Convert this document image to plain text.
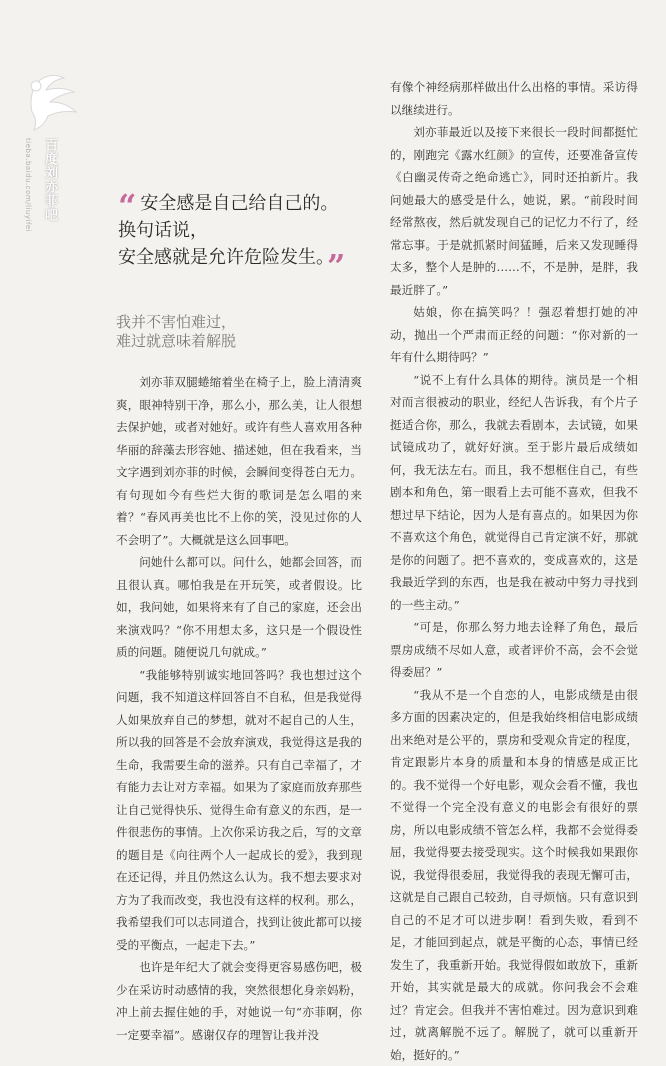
百度刘亦菲吧
tieba.baidu.com/liuyifei	“ 安全感是自己给自己的。
换句话说，
安全感就是允许危险发生。”
我并不害怕难过，
难过就意味着解脱

刘亦菲双腿蜷缩着坐在椅子上，脸上清清爽爽，眼神特别干净，那么小，那么美，让人很想去保护她，或者对她好。或许有些人喜欢用各种华丽的辞藻去形容她、描述她，但在我看来，当文字遇到刘亦菲的时候，会瞬间变得苍白无力。有句现如今有些烂大街的歌词是怎么唱的来着？“春风再美也比不上你的笑，没见过你的人不会明了”。大概就是这么回事吧。

问她什么都可以。问什么，她都会回答，而且很认真。哪怕我是在开玩笑，或者假设。比如，我问她，如果将来有了自己的家庭，还会出来演戏吗？“你不用想太多，这只是一个假设性质的问题。随便说几句就成。”

“我能够特别诚实地回答吗？我也想过这个问题，我不知道这样回答自不自私，但是我觉得人如果放弃自己的梦想，就对不起自己的人生，所以我的回答是不会放弃演戏，我觉得这是我的生命，我需要生命的滋养。只有自己幸福了，才有能力去让对方幸福。如果为了家庭而放弃那些让自己觉得快乐、觉得生命有意义的东西，是一件很悲伤的事情。上次你采访我之后，写的文章的题目是《向往两个人一起成长的爱》，我到现在还记得，并且仍然这么认为。我不想去要求对方为了我而改变，我也没有这样的权利。那么，我希望我们可以志同道合，找到让彼此都可以接受的平衡点，一起走下去。”

也许是年纪大了就会变得更容易感伤吧，极少在采访时动感情的我，突然很想化身亲妈粉，冲上前去握住她的手，对她说一句“亦菲啊，你一定要幸福”。感谢仅存的理智让我并没

有像个神经病那样做出什么出格的事情。采访得以继续进行。

刘亦菲最近以及接下来很长一段时间都挺忙的，刚跑完《露水红颜》的宣传，还要准备宣传《白幽灵传奇之绝命逃亡》，同时还拍新片。我问她最大的感受是什么，她说，累。“前段时间经常熬夜，然后就发现自己的记忆力不行了，经常忘事。于是就抓紧时间猛睡，后来又发现睡得太多，整个人是肿的……不，不是肿，是胖，我最近胖了。”

姑娘，你在搞笑吗？！强忍着想打她的冲动，抛出一个严肃而正经的问题：“你对新的一年有什么期待吗？”

“说不上有什么具体的期待。演员是一个相对而言很被动的职业，经纪人告诉我，有个片子挺适合你，那么，我就去看剧本，去试镜，如果试镜成功了，就好好演。至于影片最后成绩如何，我无法左右。而且，我不想框住自己，有些剧本和角色，第一眼看上去可能不喜欢，但我不想过早下结论，因为人是有喜点的。如果因为你不喜欢这个角色，就觉得自己肯定演不好，那就是你的问题了。把不喜欢的，变成喜欢的，这是我最近学到的东西，也是我在被动中努力寻找到的一些主动。”

“可是，你那么努力地去诠释了角色，最后票房成绩不尽如人意，或者评价不高，会不会觉得委屈？”

“我从不是一个自恋的人，电影成绩是由很多方面的因素决定的，但是我始终相信电影成绩出来绝对是公平的，票房和受观众肯定的程度，肯定跟影片本身的质量和本身的情感是成正比的。我不觉得一个好电影，观众会看不懂，我也不觉得一个完全没有意义的电影会有很好的票房，所以电影成绩不管怎么样，我都不会觉得委屈，我觉得要去接受现实。这个时候我如果跟你说，我觉得很委屈，我觉得我的表现无懈可击，这就是自己跟自己较劲，自寻烦恼。只有意识到自己的不足才可以进步啊！看到失败，看到不足，才能回到起点，就是平衡的心态，事情已经发生了，我重新开始。我觉得假如敢放下，重新开始，其实就是最大的成就。你问我会不会难过？肯定会。但我并不害怕难过。因为意识到难过，就离解脱不远了。解脱了，就可以重新开始，挺好的。”
